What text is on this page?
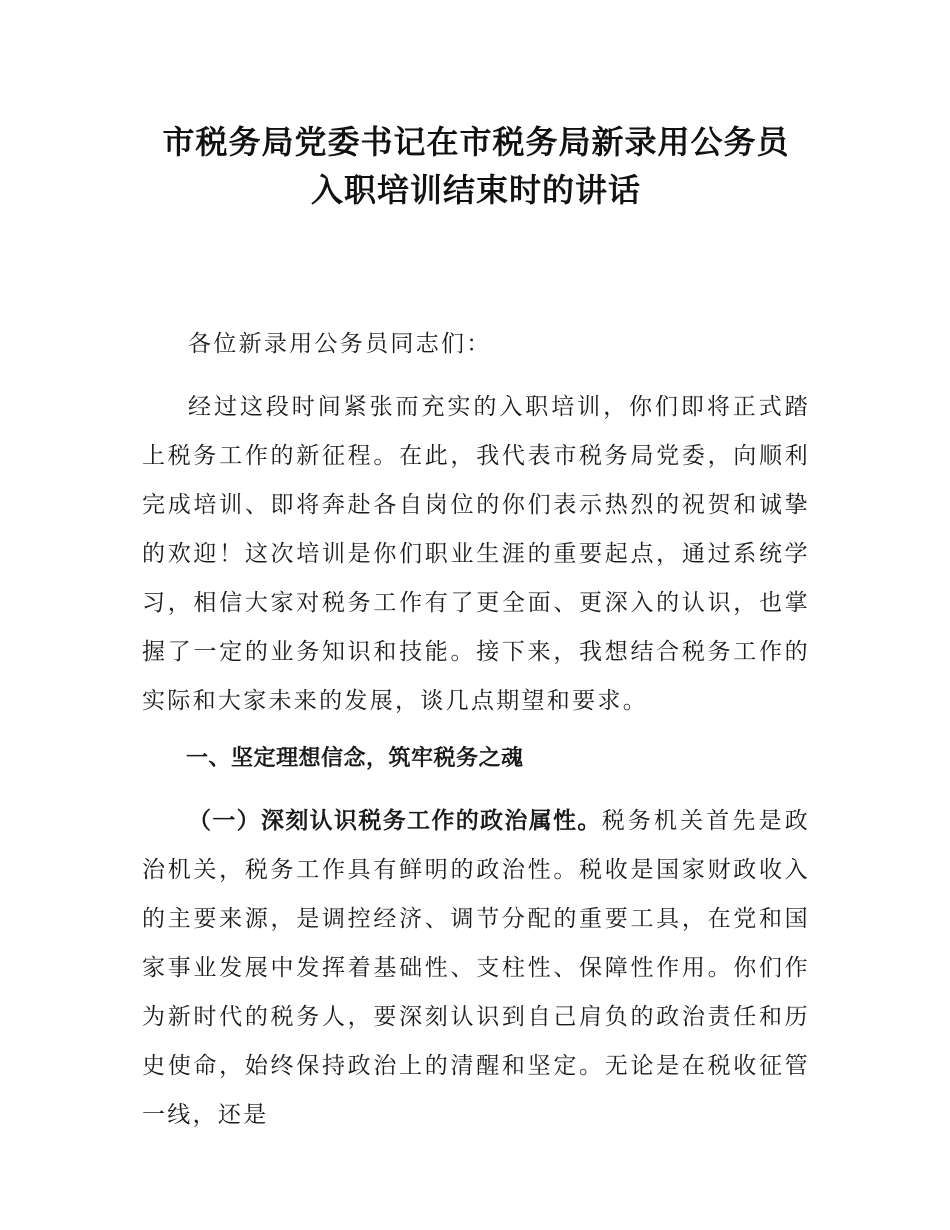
市税务局党委书记在市税务局新录用公务员
入职培训结束时的讲话

各位新录用公务员同志们：

经过这段时间紧张而充实的入职培训，你们即将正式踏上税务工作的新征程。在此，我代表市税务局党委，向顺利完成培训、即将奔赴各自岗位的你们表示热烈的祝贺和诚挚的欢迎！这次培训是你们职业生涯的重要起点，通过系统学习，相信大家对税务工作有了更全面、更深入的认识，也掌握了一定的业务知识和技能。接下来，我想结合税务工作的实际和大家未来的发展，谈几点期望和要求。

一、坚定理想信念，筑牢税务之魂

（一）深刻认识税务工作的政治属性。税务机关首先是政治机关，税务工作具有鲜明的政治性。税收是国家财政收入的主要来源，是调控经济、调节分配的重要工具，在党和国家事业发展中发挥着基础性、支柱性、保障性作用。你们作为新时代的税务人，要深刻认识到自己肩负的政治责任和历史使命，始终保持政治上的清醒和坚定。无论是在税收征管一线，还是
